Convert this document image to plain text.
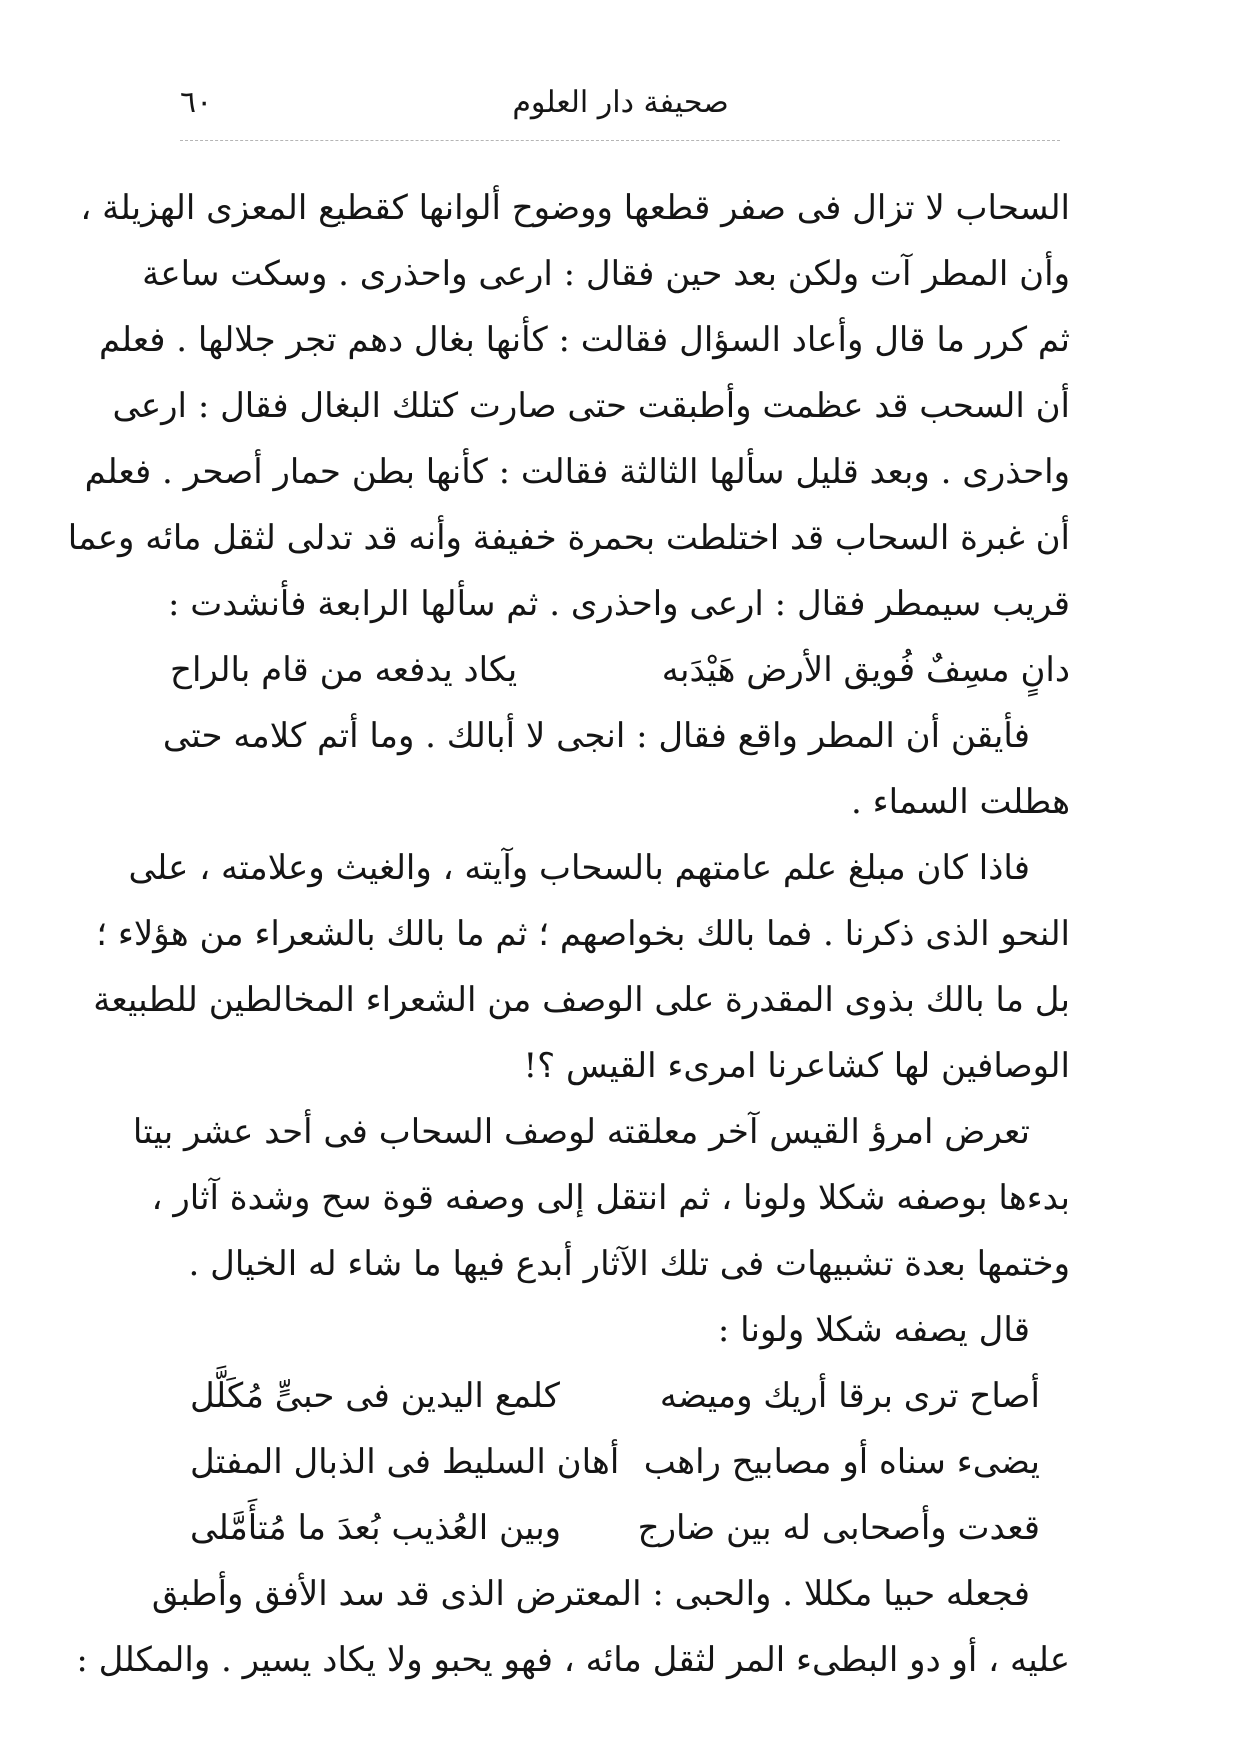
صحيفة دار العلوم
٦٠
السحاب لا تزال فى صفر قطعها ووضوح ألوانها كقطيع المعزى الهزيلة ،
وأن المطر آت ولكن بعد حين فقال : ارعى واحذرى . وسكت ساعة
ثم كرر ما قال وأعاد السؤال فقالت : كأنها بغال دهم تجر جلالها . فعلم
أن السحب قد عظمت وأطبقت حتى صارت كتلك البغال فقال : ارعى
واحذرى . وبعد قليل سألها الثالثة فقالت : كأنها بطن حمار أصحر . فعلم
أن غبرة السحاب قد اختلطت بحمرة خفيفة وأنه قد تدلى لثقل مائه وعما
قريب سيمطر فقال : ارعى واحذرى . ثم سألها الرابعة فأنشدت :
دانٍ مسِفٌ فُويق الأرض هَيْدَبه
يكاد يدفعه من قام بالراح
فأيقن أن المطر واقع فقال : انجى لا أبالك . وما أتم كلامه حتى
هطلت السماء .
فاذا كان مبلغ علم عامتهم بالسحاب وآيته ، والغيث وعلامته ، على
النحو الذى ذكرنا . فما بالك بخواصهم ؛ ثم ما بالك بالشعراء من هؤلاء ؛
بل ما بالك بذوى المقدرة على الوصف من الشعراء المخالطين للطبيعة
الوصافين لها كشاعرنا امرىء القيس ؟!
تعرض امرؤ القيس آخر معلقته لوصف السحاب فى أحد عشر بيتا
بدءها بوصفه شكلا ولونا ، ثم انتقل إلى وصفه قوة سح وشدة آثار ،
وختمها بعدة تشبيهات فى تلك الآثار أبدع فيها ما شاء له الخيال .
قال يصفه شكلا ولونا :
أصاح ترى برقا أريك وميضه
كلمع اليدين فى حبىٍّ مُكَلَّل
يضىء سناه أو مصابيح راهب
أهان السليط فى الذبال المفتل
قعدت وأصحابى له بين ضارج
وبين العُذيب بُعدَ ما مُتأَمَّلى
فجعله حبيا مكللا . والحبى : المعترض الذى قد سد الأفق وأطبق
عليه ، أو دو البطىء المر لثقل مائه ، فهو يحبو ولا يكاد يسير . والمكلل :
